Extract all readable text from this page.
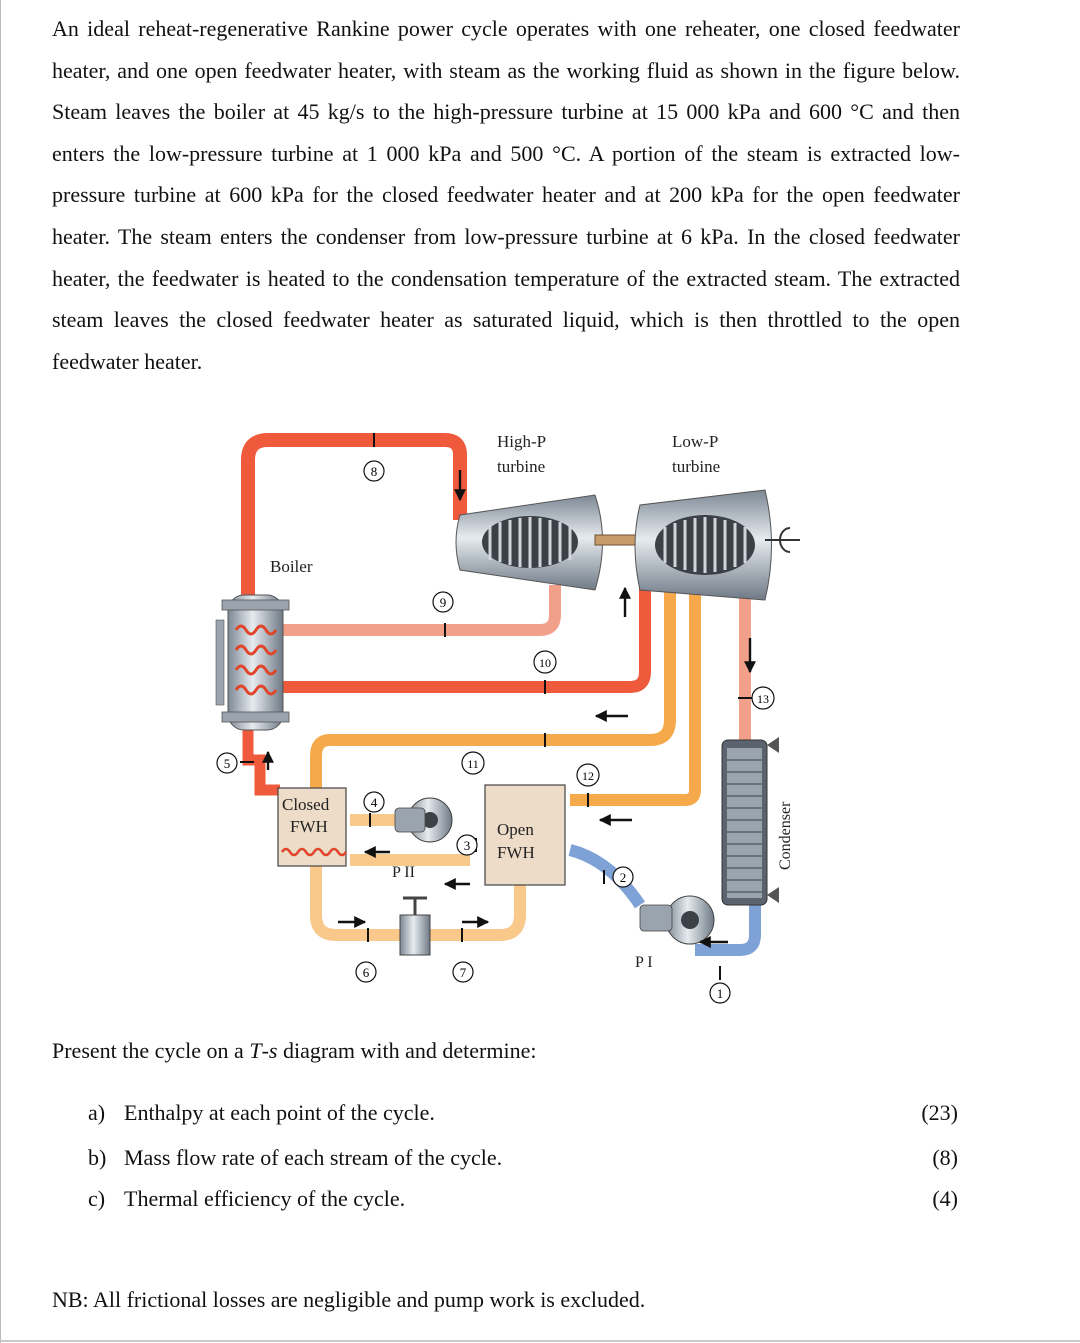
An ideal reheat-regenerative Rankine power cycle operates with one reheater, one closed feedwater heater, and one open feedwater heater, with steam as the working fluid as shown in the figure below. Steam leaves the boiler at 45 kg/s to the high-pressure turbine at 15 000 kPa and 600 °C and then enters the low-pressure turbine at 1 000 kPa and 500 °C. A portion of the steam is extracted low-pressure turbine at 600 kPa for the closed feedwater heater and at 200 kPa for the open feedwater heater. The steam enters the condenser from low-pressure turbine at 6 kPa. In the closed feedwater heater, the feedwater is heated to the condensation temperature of the extracted steam. The extracted steam leaves the closed feedwater heater as saturated liquid, which is then throttled to the open feedwater heater.
Boiler
High-P
turbine
Low-P
turbine
Condenser
Closed
FWH	Open
FWH
P II
P I
1
2
3
4
5
6	7
8
9
10
11
12
13
Present the cycle on a T-s diagram with and determine:
a) Enthalpy at each point of the cycle.	(23)
b) Mass flow rate of each stream of the cycle.	(8)
c) Thermal efficiency of the cycle.	(4)
NB: All frictional losses are negligible and pump work is excluded.
